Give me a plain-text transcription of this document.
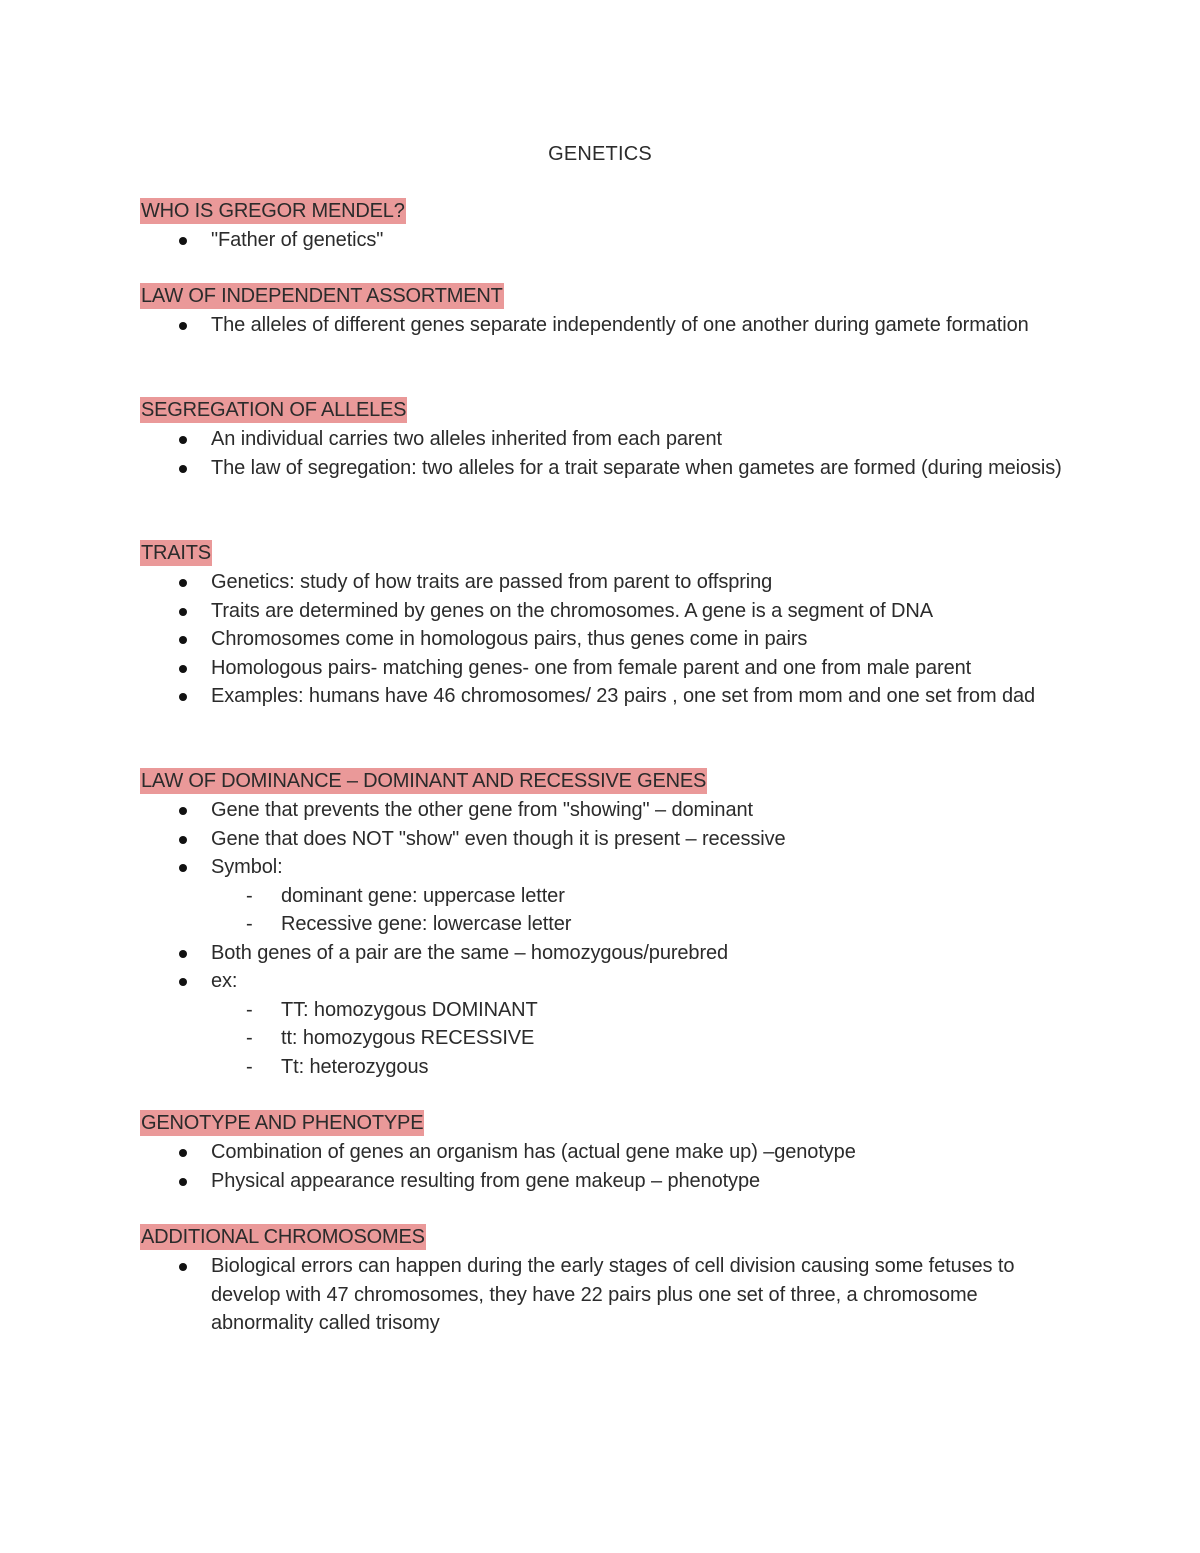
GENETICS
WHO IS GREGOR MENDEL?
"Father of genetics"
LAW OF INDEPENDENT ASSORTMENT
The alleles of different genes separate independently of one another during gamete formation
SEGREGATION OF ALLELES
An individual carries two alleles inherited from each parent
The law of segregation: two alleles for a trait separate when gametes are formed (during meiosis)
TRAITS
Genetics: study of how traits are passed from parent to offspring
Traits are determined by genes on the chromosomes. A gene is a segment of DNA
Chromosomes come in homologous pairs, thus genes come in pairs
Homologous pairs- matching genes- one from female parent and one from male parent
Examples: humans have 46 chromosomes/ 23 pairs , one set from mom and one set from dad
LAW OF DOMINANCE – DOMINANT AND RECESSIVE GENES
Gene that prevents the other gene from "showing" – dominant
Gene that does NOT "show" even though it is present – recessive
Symbol:
- dominant gene: uppercase letter
- Recessive gene: lowercase letter
Both genes of a pair are the same – homozygous/purebred
ex:
- TT: homozygous DOMINANT
- tt: homozygous RECESSIVE
- Tt: heterozygous
GENOTYPE AND PHENOTYPE
Combination of genes an organism has (actual gene make up) –genotype
Physical appearance resulting from gene makeup – phenotype
ADDITIONAL CHROMOSOMES
Biological errors can happen during the early stages of cell division causing some fetuses to develop with 47 chromosomes, they have 22 pairs plus one set of three, a chromosome abnormality called trisomy
